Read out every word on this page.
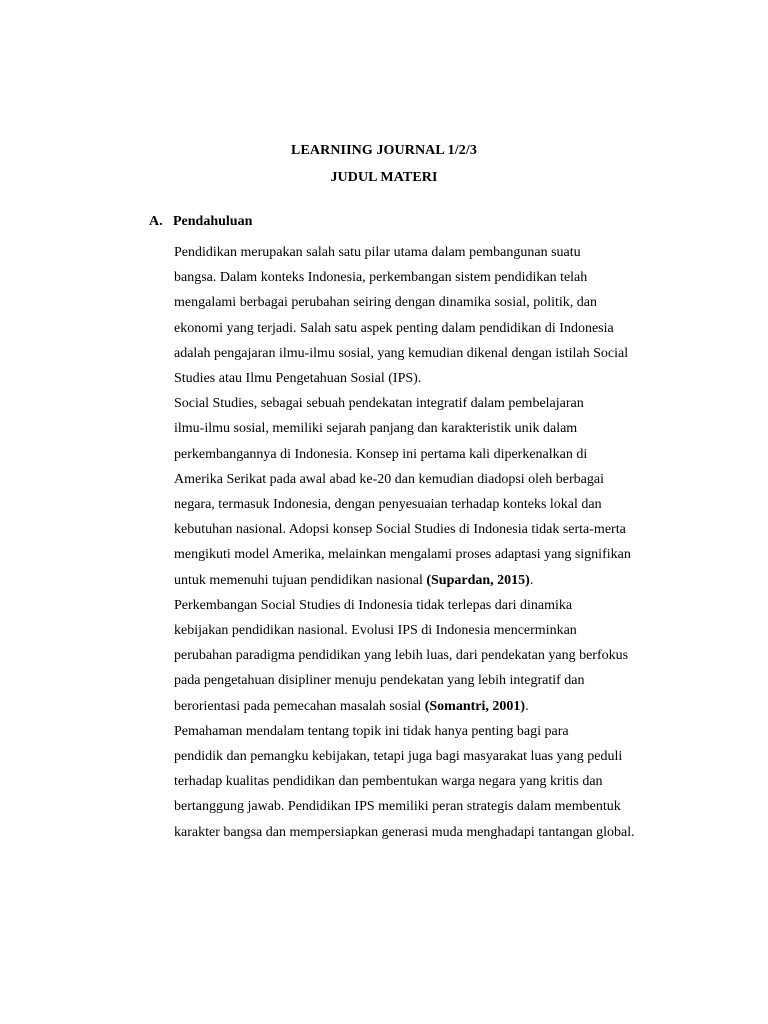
LEARNIING JOURNAL 1/2/3

JUDUL MATERI

A. Pendahuluan

Pendidikan merupakan salah satu pilar utama dalam pembangunan suatu
bangsa. Dalam konteks Indonesia, perkembangan sistem pendidikan telah
mengalami berbagai perubahan seiring dengan dinamika sosial, politik, dan
ekonomi yang terjadi. Salah satu aspek penting dalam pendidikan di Indonesia
adalah pengajaran ilmu-ilmu sosial, yang kemudian dikenal dengan istilah Social
Studies atau Ilmu Pengetahuan Sosial (IPS).

Social Studies, sebagai sebuah pendekatan integratif dalam pembelajaran
ilmu-ilmu sosial, memiliki sejarah panjang dan karakteristik unik dalam
perkembangannya di Indonesia. Konsep ini pertama kali diperkenalkan di
Amerika Serikat pada awal abad ke-20 dan kemudian diadopsi oleh berbagai
negara, termasuk Indonesia, dengan penyesuaian terhadap konteks lokal dan
kebutuhan nasional. Adopsi konsep Social Studies di Indonesia tidak serta-merta
mengikuti model Amerika, melainkan mengalami proses adaptasi yang signifikan
untuk memenuhi tujuan pendidikan nasional (Supardan, 2015).

Perkembangan Social Studies di Indonesia tidak terlepas dari dinamika
kebijakan pendidikan nasional. Evolusi IPS di Indonesia mencerminkan
perubahan paradigma pendidikan yang lebih luas, dari pendekatan yang berfokus
pada pengetahuan disipliner menuju pendekatan yang lebih integratif dan
berorientasi pada pemecahan masalah sosial (Somantri, 2001).

Pemahaman mendalam tentang topik ini tidak hanya penting bagi para
pendidik dan pemangku kebijakan, tetapi juga bagi masyarakat luas yang peduli
terhadap kualitas pendidikan dan pembentukan warga negara yang kritis dan
bertanggung jawab. Pendidikan IPS memiliki peran strategis dalam membentuk
karakter bangsa dan mempersiapkan generasi muda menghadapi tantangan global.
